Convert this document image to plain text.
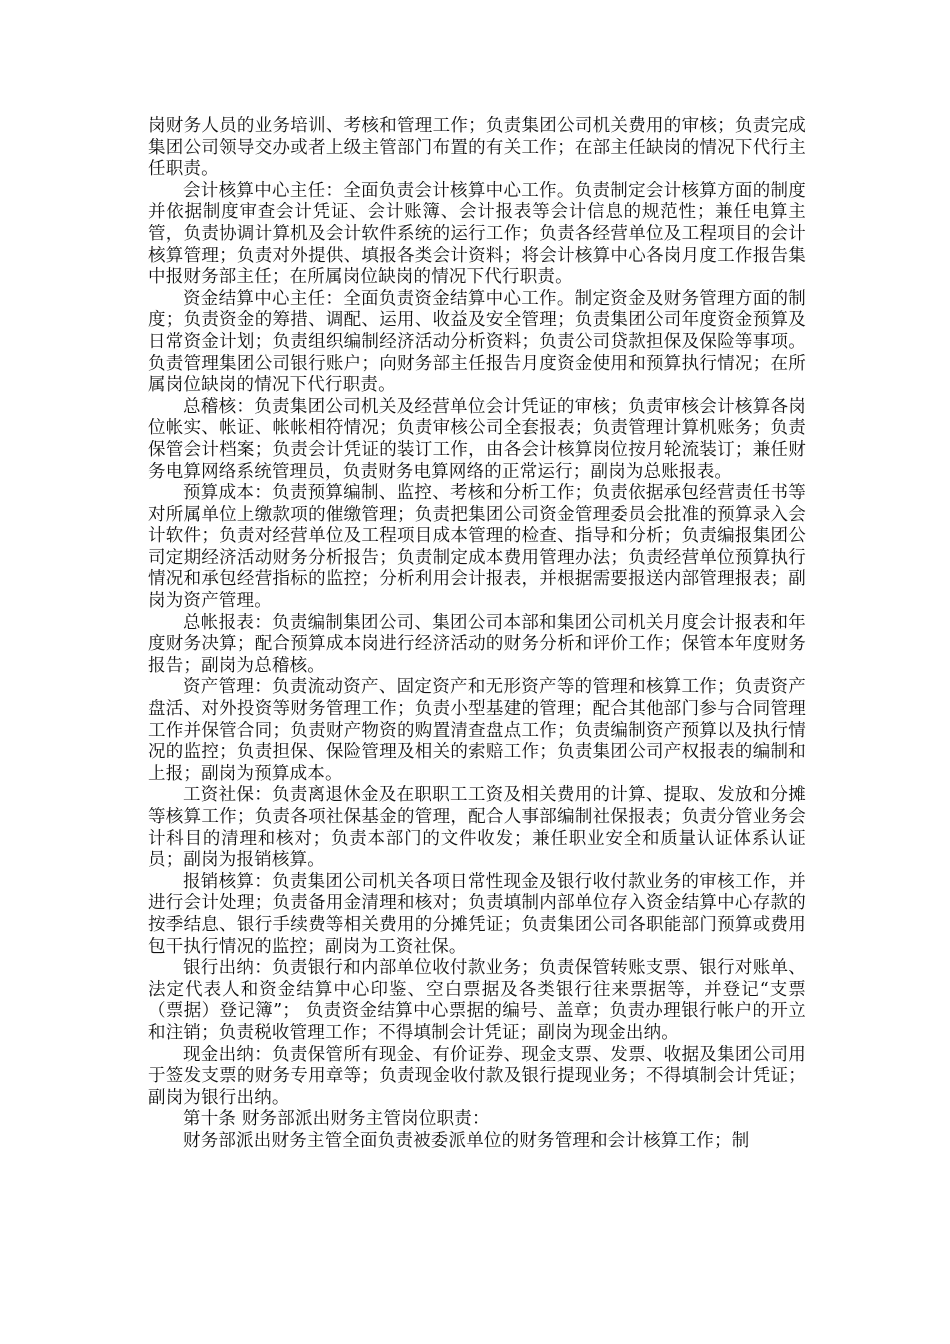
岗财务人员的业务培训、考核和管理工作；负责集团公司机关费用的审核；负责完成集团公司领导交办或者上级主管部门布置的有关工作；在部主任缺岗的情况下代行主任职责。

会计核算中心主任：全面负责会计核算中心工作。负责制定会计核算方面的制度并依据制度审查会计凭证、会计账簿、会计报表等会计信息的规范性；兼任电算主管，负责协调计算机及会计软件系统的运行工作；负责各经营单位及工程项目的会计核算管理；负责对外提供、填报各类会计资料；将会计核算中心各岗月度工作报告集中报财务部主任；在所属岗位缺岗的情况下代行职责。

资金结算中心主任：全面负责资金结算中心工作。制定资金及财务管理方面的制度；负责资金的筹措、调配、运用、收益及安全管理；负责集团公司年度资金预算及日常资金计划；负责组织编制经济活动分析资料；负责公司贷款担保及保险等事项。负责管理集团公司银行账户；向财务部主任报告月度资金使用和预算执行情况；在所属岗位缺岗的情况下代行职责。

总稽核：负责集团公司机关及经营单位会计凭证的审核；负责审核会计核算各岗位帐实、帐证、帐帐相符情况；负责审核公司全套报表；负责管理计算机账务；负责保管会计档案；负责会计凭证的装订工作，由各会计核算岗位按月轮流装订；兼任财务电算网络系统管理员，负责财务电算网络的正常运行；副岗为总账报表。

预算成本：负责预算编制、监控、考核和分析工作；负责依据承包经营责任书等对所属单位上缴款项的催缴管理；负责把集团公司资金管理委员会批准的预算录入会计软件；负责对经营单位及工程项目成本管理的检查、指导和分析；负责编报集团公司定期经济活动财务分析报告；负责制定成本费用管理办法；负责经营单位预算执行情况和承包经营指标的监控；分析利用会计报表，并根据需要报送内部管理报表；副岗为资产管理。

总帐报表：负责编制集团公司、集团公司本部和集团公司机关月度会计报表和年度财务决算；配合预算成本岗进行经济活动的财务分析和评价工作；保管本年度财务报告；副岗为总稽核。

资产管理：负责流动资产、固定资产和无形资产等的管理和核算工作；负责资产盘活、对外投资等财务管理工作；负责小型基建的管理；配合其他部门参与合同管理工作并保管合同；负责财产物资的购置清查盘点工作；负责编制资产预算以及执行情况的监控；负责担保、保险管理及相关的索赔工作；负责集团公司产权报表的编制和上报；副岗为预算成本。

工资社保：负责离退休金及在职职工工资及相关费用的计算、提取、发放和分摊等核算工作；负责各项社保基金的管理，配合人事部编制社保报表；负责分管业务会计科目的清理和核对；负责本部门的文件收发；兼任职业安全和质量认证体系认证员；副岗为报销核算。

报销核算：负责集团公司机关各项日常性现金及银行收付款业务的审核工作，并进行会计处理；负责备用金清理和核对；负责填制内部单位存入资金结算中心存款的按季结息、银行手续费等相关费用的分摊凭证；负责集团公司各职能部门预算或费用包干执行情况的监控；副岗为工资社保。

银行出纳：负责银行和内部单位收付款业务；负责保管转账支票、银行对账单、法定代表人和资金结算中心印鉴、空白票据及各类银行往来票据等，并登记“支票（票据）登记簿”； 负责资金结算中心票据的编号、盖章；负责办理银行帐户的开立和注销；负责税收管理工作；不得填制会计凭证；副岗为现金出纳。

现金出纳：负责保管所有现金、有价证券、现金支票、发票、收据及集团公司用于签发支票的财务专用章等；负责现金收付款及银行提现业务；不得填制会计凭证；副岗为银行出纳。

第十条 财务部派出财务主管岗位职责：

财务部派出财务主管全面负责被委派单位的财务管理和会计核算工作；制
